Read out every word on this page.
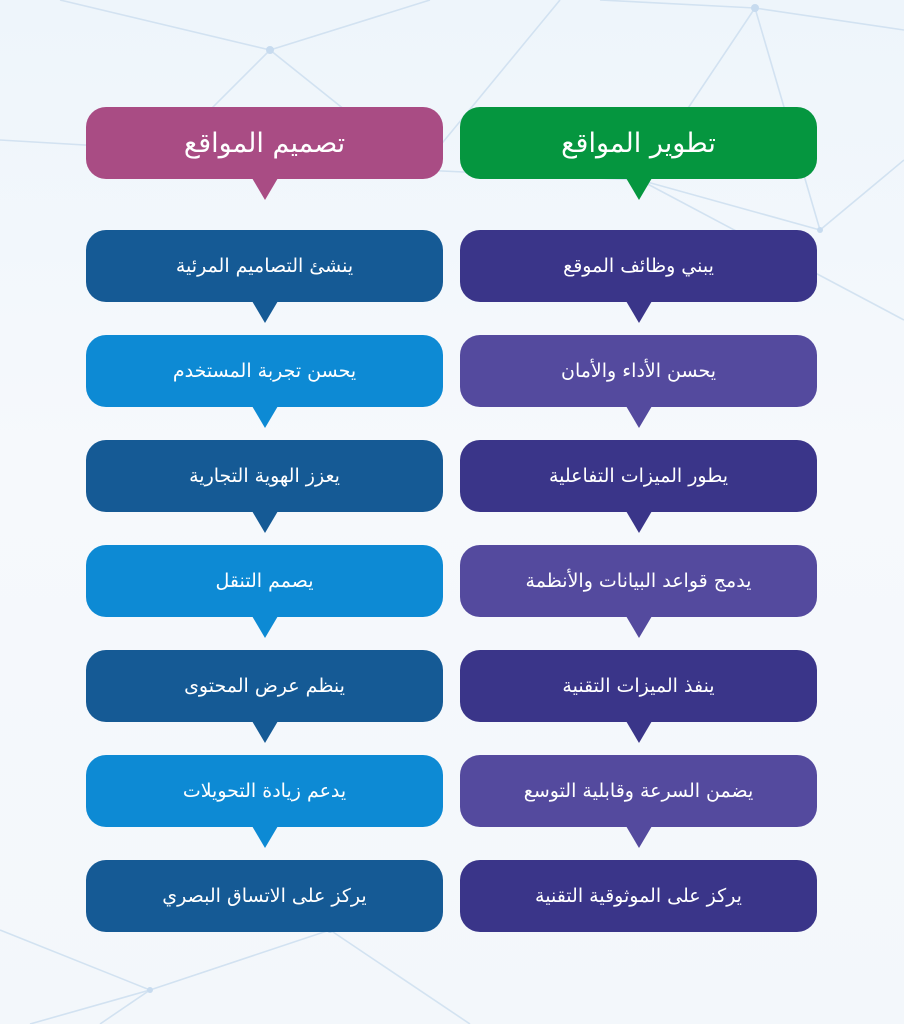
تطوير المواقع
يبني وظائف الموقع
يحسن الأداء والأمان
يطور الميزات التفاعلية
يدمج قواعد البيانات والأنظمة
ينفذ الميزات التقنية
يضمن السرعة وقابلية التوسع
يركز على الموثوقية التقنية
تصميم المواقع
ينشئ التصاميم المرئية
يحسن تجربة المستخدم
يعزز الهوية التجارية
يصمم التنقل
ينظم عرض المحتوى
يدعم زيادة التحويلات
يركز على الاتساق البصري
